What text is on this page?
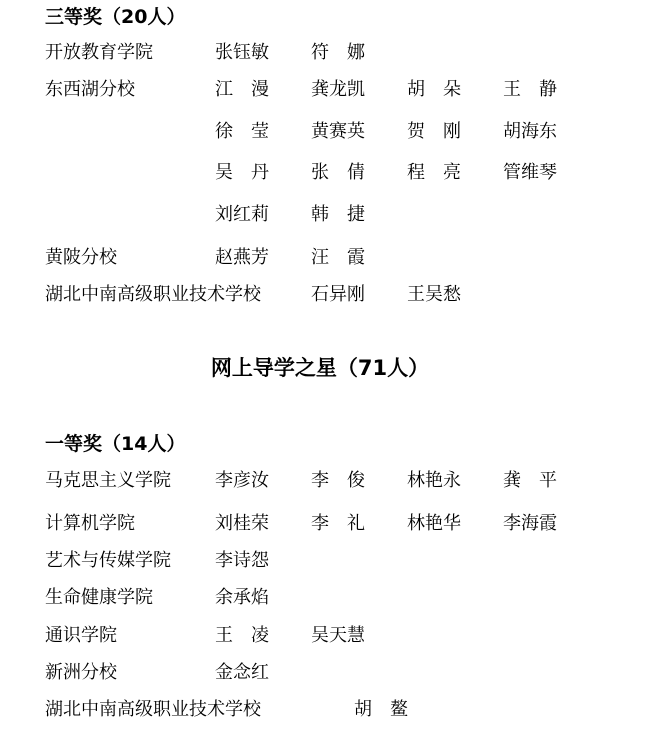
三等奖（20人）
开放教育学院	张钰敏 符　娜
东西湖分校	江　漫 龚龙凯 胡　朵 王　静
徐　莹 黄赛英 贺　刚 胡海东
吴　丹 张　倩 程　亮 管维琴
刘红莉 韩　捷
黄陂分校	赵燕芳 汪　霞
湖北中南高级职业技术学校	石异刚 王吴愁
网上导学之星（71人）
一等奖（14人）
马克思主义学院 李彦汝 李　俊 林艳永 龚　平
计算机学院	刘桂荣 李　礼 林艳华 李海霞
艺术与传媒学院 李诗怨
生命健康学院	余承焰
通识学院	王　凌 吴天慧
新洲分校	金念红
湖北中南高级职业技术学校	胡　鳌
